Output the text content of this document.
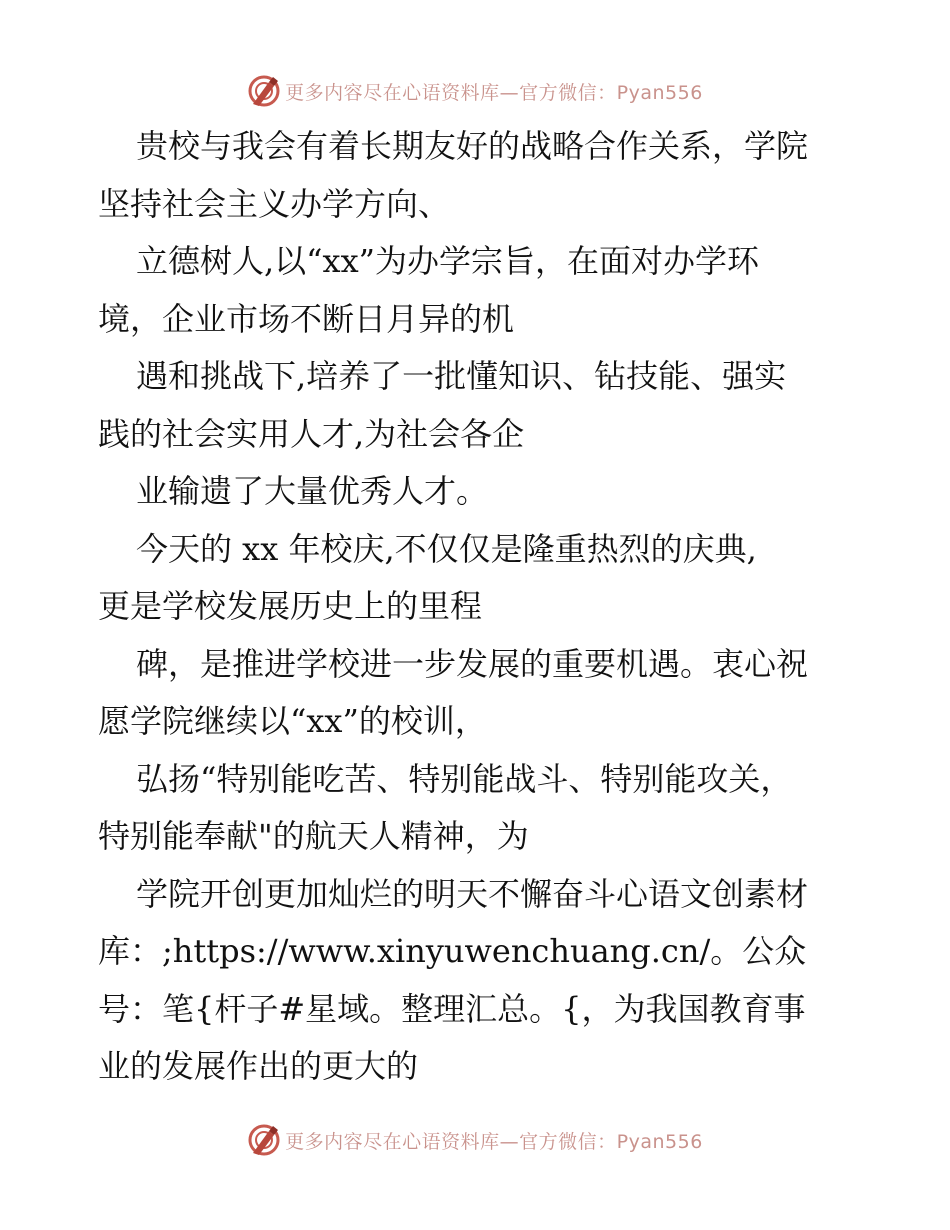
更多内容尽在心语资料库—官方微信：Pyan556
贵校与我会有着长期友好的战略合作关系，学院
坚持社会主义办学方向、
立德树人,以“xx”为办学宗旨，在面对办学环
境，企业市场不断日月异的机
遇和挑战下,培养了一批懂知识、钻技能、强实
践的社会实用人才,为社会各企
业输遗了大量优秀人才。
今天的 xx 年校庆,不仅仅是隆重热烈的庆典,
更是学校发展历史上的里程
碑，是推进学校进一步发展的重要机遇。衷心祝
愿学院继续以“xx”的校训，
弘扬“特别能吃苦、特别能战斗、特别能攻关，
特别能奉献"的航天人精神，为
学院开创更加灿烂的明天不懈奋斗心语文创素材
库：;https://www.xinyuwenchuang.cn/。公众
号：笔{杆子#星域。整理汇总。{，为我国教育事
业的发展作出的更大的
更多内容尽在心语资料库—官方微信：Pyan556
